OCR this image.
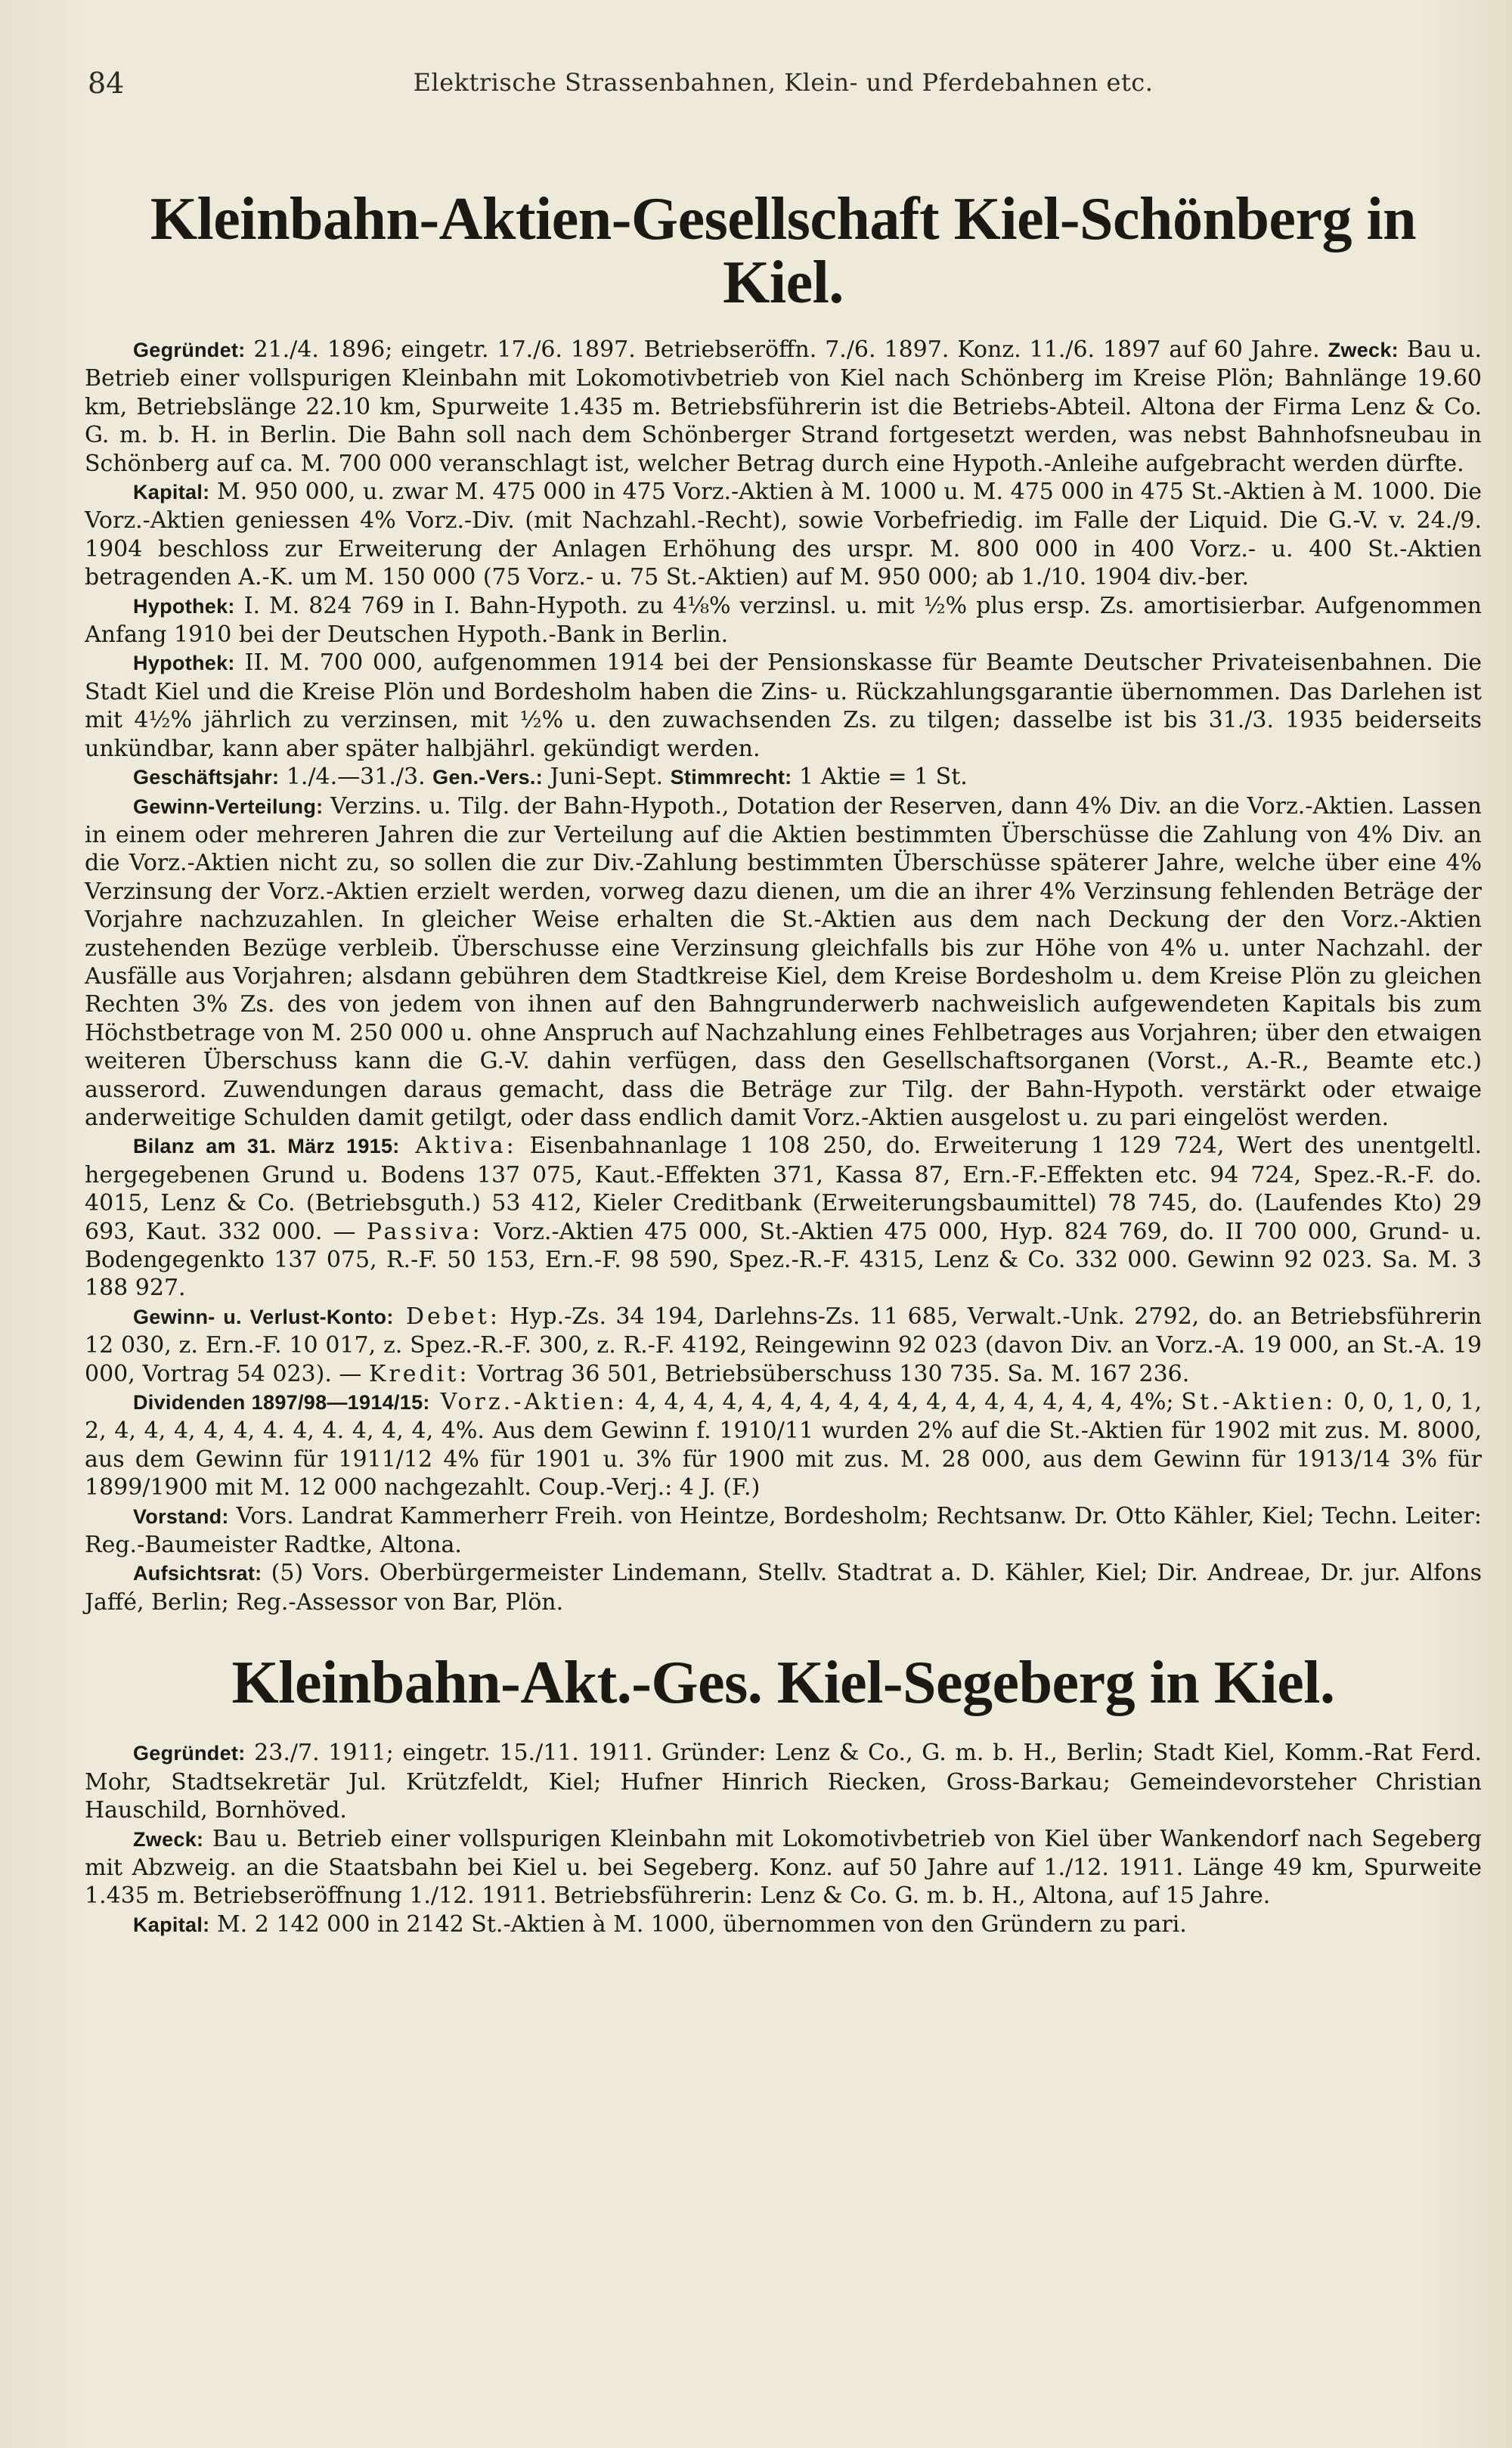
84	Elektrische Strassenbahnen, Klein- und Pferdebahnen etc.
Kleinbahn-Aktien-Gesellschaft Kiel-Schönberg in Kiel.

Gegründet: 21./4. 1896; eingetr. 17./6. 1897. Betriebseröffn. 7./6. 1897. Konz. 11./6. 1897 auf 60 Jahre. Zweck: Bau u. Betrieb einer vollspurigen Kleinbahn mit Lokomotivbetrieb von Kiel nach Schönberg im Kreise Plön; Bahnlänge 19.60 km, Betriebslänge 22.10 km, Spurweite 1.435 m. Betriebsführerin ist die Betriebs-Abteil. Altona der Firma Lenz & Co. G. m. b. H. in Berlin. Die Bahn soll nach dem Schönberger Strand fortgesetzt werden, was nebst Bahnhofsneubau in Schönberg auf ca. M. 700 000 veranschlagt ist, welcher Betrag durch eine Hypoth.-Anleihe aufgebracht werden dürfte.

Kapital: M. 950 000, u. zwar M. 475 000 in 475 Vorz.-Aktien à M. 1000 u. M. 475 000 in 475 St.-Aktien à M. 1000. Die Vorz.-Aktien geniessen 4% Vorz.-Div. (mit Nachzahl.-Recht), sowie Vorbefriedig. im Falle der Liquid. Die G.-V. v. 24./9. 1904 beschloss zur Erweiterung der Anlagen Erhöhung des urspr. M. 800 000 in 400 Vorz.- u. 400 St.-Aktien betragenden A.-K. um M. 150 000 (75 Vorz.- u. 75 St.-Aktien) auf M. 950 000; ab 1./10. 1904 div.-ber.

Hypothek: I. M. 824 769 in I. Bahn-Hypoth. zu 4⅛% verzinsl. u. mit ½% plus ersp. Zs. amortisierbar. Aufgenommen Anfang 1910 bei der Deutschen Hypoth.-Bank in Berlin.

Hypothek: II. M. 700 000, aufgenommen 1914 bei der Pensionskasse für Beamte Deutscher Privateisenbahnen. Die Stadt Kiel und die Kreise Plön und Bordesholm haben die Zins- u. Rückzahlungsgarantie übernommen. Das Darlehen ist mit 4½% jährlich zu verzinsen, mit ½% u. den zuwachsenden Zs. zu tilgen; dasselbe ist bis 31./3. 1935 beiderseits unkündbar, kann aber später halbjährl. gekündigt werden.

Geschäftsjahr: 1./4.—31./3. Gen.-Vers.: Juni-Sept. Stimmrecht: 1 Aktie = 1 St.

Gewinn-Verteilung: Verzins. u. Tilg. der Bahn-Hypoth., Dotation der Reserven, dann 4% Div. an die Vorz.-Aktien. Lassen in einem oder mehreren Jahren die zur Verteilung auf die Aktien bestimmten Überschüsse die Zahlung von 4% Div. an die Vorz.-Aktien nicht zu, so sollen die zur Div.-Zahlung bestimmten Überschüsse späterer Jahre, welche über eine 4% Verzinsung der Vorz.-Aktien erzielt werden, vorweg dazu dienen, um die an ihrer 4% Verzinsung fehlenden Beträge der Vorjahre nachzuzahlen. In gleicher Weise erhalten die St.-Aktien aus dem nach Deckung der den Vorz.-Aktien zustehenden Bezüge verbleib. Überschusse eine Verzinsung gleichfalls bis zur Höhe von 4% u. unter Nachzahl. der Ausfälle aus Vorjahren; alsdann gebühren dem Stadtkreise Kiel, dem Kreise Bordesholm u. dem Kreise Plön zu gleichen Rechten 3% Zs. des von jedem von ihnen auf den Bahngrunderwerb nachweislich aufgewendeten Kapitals bis zum Höchstbetrage von M. 250 000 u. ohne Anspruch auf Nachzahlung eines Fehlbetrages aus Vorjahren; über den etwaigen weiteren Überschuss kann die G.-V. dahin verfügen, dass den Gesellschaftsorganen (Vorst., A.-R., Beamte etc.) ausserord. Zuwendungen daraus gemacht, dass die Beträge zur Tilg. der Bahn-Hypoth. verstärkt oder etwaige anderweitige Schulden damit getilgt, oder dass endlich damit Vorz.-Aktien ausgelost u. zu pari eingelöst werden.

Bilanz am 31. März 1915: Aktiva: Eisenbahnanlage 1 108 250, do. Erweiterung 1 129 724, Wert des unentgeltl. hergegebenen Grund u. Bodens 137 075, Kaut.-Effekten 371, Kassa 87, Ern.-F.-Effekten etc. 94 724, Spez.-R.-F. do. 4015, Lenz & Co. (Betriebsguth.) 53 412, Kieler Creditbank (Erweiterungsbaumittel) 78 745, do. (Laufendes Kto) 29 693, Kaut. 332 000. — Passiva: Vorz.-Aktien 475 000, St.-Aktien 475 000, Hyp. 824 769, do. II 700 000, Grund- u. Bodengegenkto 137 075, R.-F. 50 153, Ern.-F. 98 590, Spez.-R.-F. 4315, Lenz & Co. 332 000. Gewinn 92 023. Sa. M. 3 188 927.

Gewinn- u. Verlust-Konto: Debet: Hyp.-Zs. 34 194, Darlehns-Zs. 11 685, Verwalt.-Unk. 2792, do. an Betriebsführerin 12 030, z. Ern.-F. 10 017, z. Spez.-R.-F. 300, z. R.-F. 4192, Reingewinn 92 023 (davon Div. an Vorz.-A. 19 000, an St.-A. 19 000, Vortrag 54 023). — Kredit: Vortrag 36 501, Betriebsüberschuss 130 735. Sa. M. 167 236.

Dividenden 1897/98—1914/15: Vorz.-Aktien: 4, 4, 4, 4, 4, 4, 4, 4, 4, 4, 4, 4, 4, 4, 4, 4, 4, 4%; St.-Aktien: 0, 0, 1, 0, 1, 2, 4, 4, 4, 4, 4, 4. 4, 4. 4, 4, 4, 4%. Aus dem Gewinn f. 1910/11 wurden 2% auf die St.-Aktien für 1902 mit zus. M. 8000, aus dem Gewinn für 1911/12 4% für 1901 u. 3% für 1900 mit zus. M. 28 000, aus dem Gewinn für 1913/14 3% für 1899/1900 mit M. 12 000 nachgezahlt. Coup.-Verj.: 4 J. (F.)

Vorstand: Vors. Landrat Kammerherr Freih. von Heintze, Bordesholm; Rechtsanw. Dr. Otto Kähler, Kiel; Techn. Leiter: Reg.-Baumeister Radtke, Altona.

Aufsichtsrat: (5) Vors. Oberbürgermeister Lindemann, Stellv. Stadtrat a. D. Kähler, Kiel; Dir. Andreae, Dr. jur. Alfons Jaffé, Berlin; Reg.-Assessor von Bar, Plön.

Kleinbahn-Akt.-Ges. Kiel-Segeberg in Kiel.

Gegründet: 23./7. 1911; eingetr. 15./11. 1911. Gründer: Lenz & Co., G. m. b. H., Berlin; Stadt Kiel, Komm.-Rat Ferd. Mohr, Stadtsekretär Jul. Krützfeldt, Kiel; Hufner Hinrich Riecken, Gross-Barkau; Gemeindevorsteher Christian Hauschild, Bornhöved.

Zweck: Bau u. Betrieb einer vollspurigen Kleinbahn mit Lokomotivbetrieb von Kiel über Wankendorf nach Segeberg mit Abzweig. an die Staatsbahn bei Kiel u. bei Segeberg. Konz. auf 50 Jahre auf 1./12. 1911. Länge 49 km, Spurweite 1.435 m. Betriebseröffnung 1./12. 1911. Betriebsführerin: Lenz & Co. G. m. b. H., Altona, auf 15 Jahre.

Kapital: M. 2 142 000 in 2142 St.-Aktien à M. 1000, übernommen von den Gründern zu pari.
